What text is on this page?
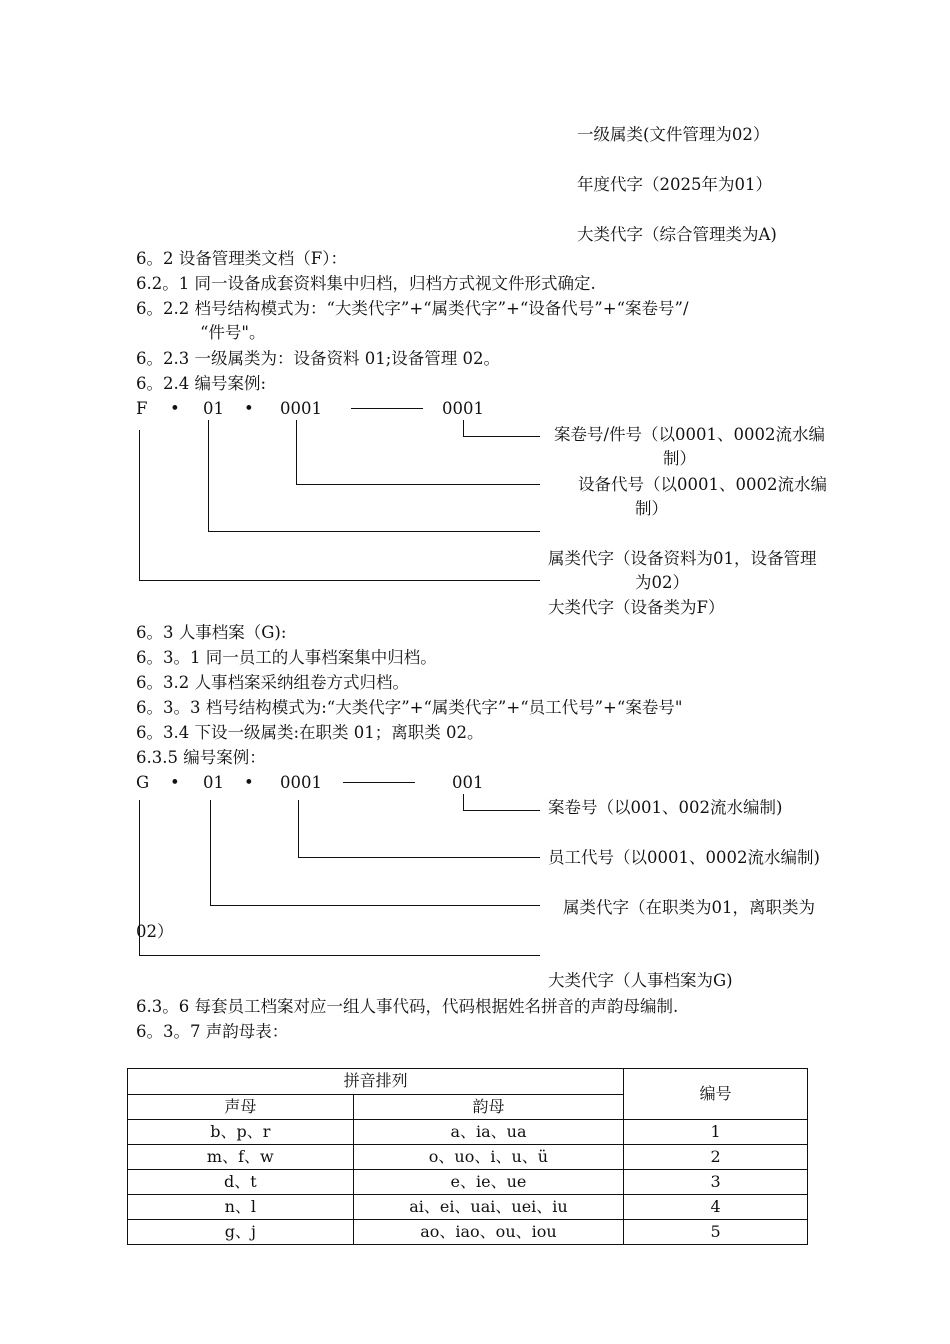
一级属类(文件管理为02）
年度代字（2025年为01）
大类代字（综合管理类为A)
6。2 设备管理类文档（F）：
6.2。1 同一设备成套资料集中归档，归档方式视文件形式确定.
6。2.2 档号结构模式为：“大类代字”+“属类代字”+“设备代号”+“案卷号”/
“件号"。
6。2.3 一级属类为：设备资料 01;设备管理 02。
6。2.4 编号案例:
F • 01 • 0001	0001
案卷号/件号（以0001、0002流水编
制）
设备代号（以0001、0002流水编
制）
属类代字（设备资料为01，设备管理
为02）
大类代字（设备类为F）
6。3 人事档案（G):
6。3。1 同一员工的人事档案集中归档。
6。3.2 人事档案采纳组卷方式归档。
6。3。3 档号结构模式为:“大类代字”+“属类代字”+“员工代号”+“案卷号"
6。3.4 下设一级属类:在职类 01；离职类 02。
6.3.5 编号案例：
G • 01 • 0001	001
案卷号（以001、002流水编制)
员工代号（以0001、0002流水编制)
属类代字（在职类为01，离职类为
02）
大类代字（人事档案为G)
6.3。6 每套员工档案对应一组人事代码，代码根据姓名拼音的声韵母编制.
6。3。7 声韵母表：
拼音排列		编号
声母	韵母	
b、p、r	a、ia、ua	1
m、f、w	o、uo、i、u、ü	2
d、t	e、ie、ue	3
n、l	ai、ei、uai、uei、iu	4
g、j	ao、iao、ou、iou	5
